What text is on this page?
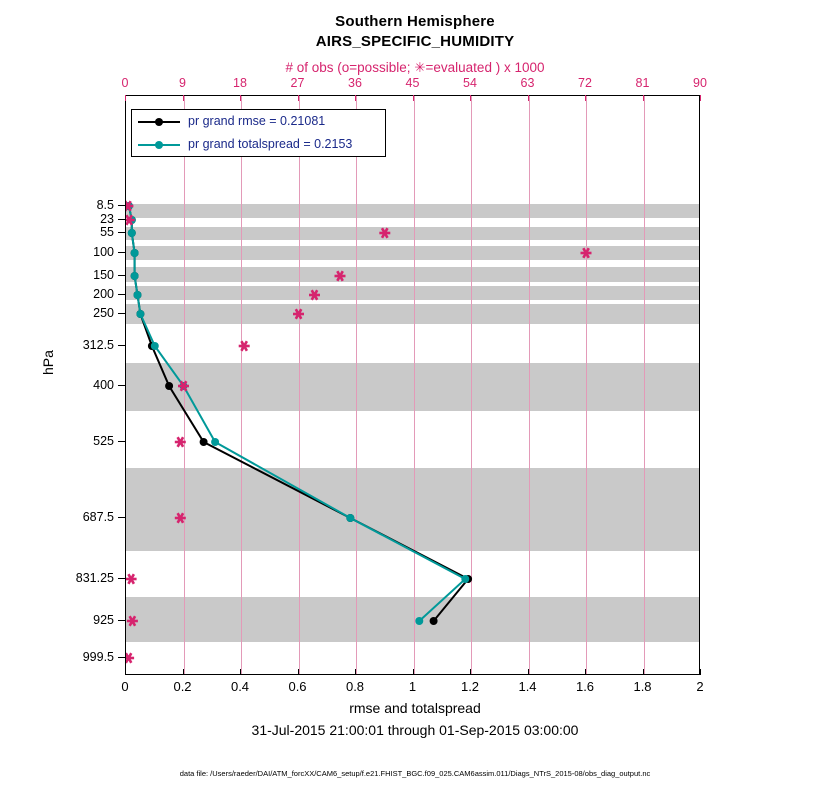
Southern Hemisphere
AIRS_SPECIFIC_HUMIDITY
# of obs (o=possible; ✳=evaluated ) x 1000
hPa
rmse and totalspread
31-Jul-2015 21:00:01 through 01-Sep-2015 03:00:00
data file: /Users/raeder/DAI/ATM_forcXX/CAM6_setup/f.e21.FHIST_BGC.f09_025.CAM6assim.011/Diags_NTrS_2015-08/obs_diag_output.nc
pr grand rmse = 0.21081
pr grand totalspread = 0.2153
0	9	18	27	36	45	54	63	72	81	90
0	0.2	0.4	0.6	0.8	1	1.2	1.4	1.6	1.8	2
8.5
23
55
100
150
200
250
312.5
400
525
687.5
831.25
925
999.5
